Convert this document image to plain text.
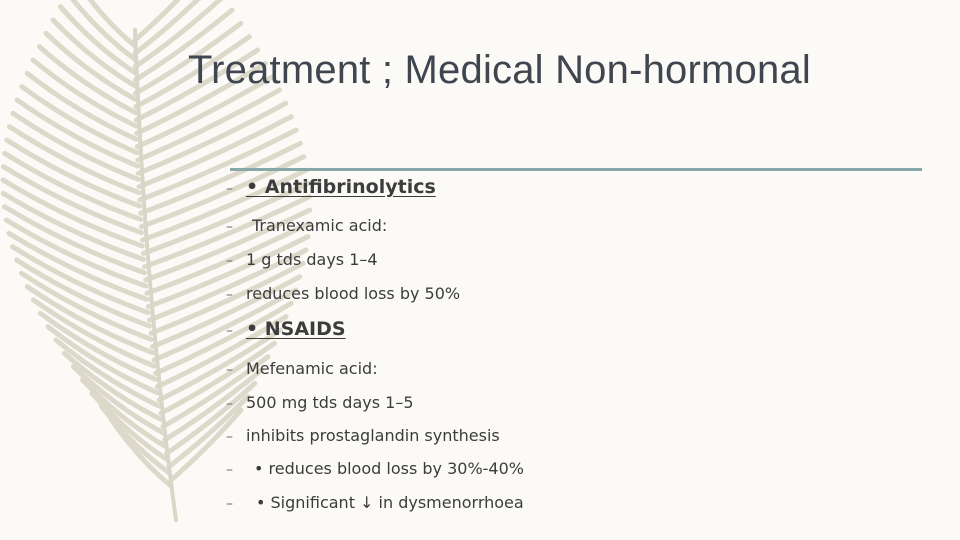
Treatment ; Medical Non-hormonal
– • Antifibrinolytics
– Tranexamic acid:
– 1 g tds days 1–4
– reduces blood loss by 50%
– • NSAIDS
– Mefenamic acid:
– 500 mg tds days 1–5
– inhibits prostaglandin synthesis
– • reduces blood loss by 30%-40%
– • Significant ↓ in dysmenorrhoea
